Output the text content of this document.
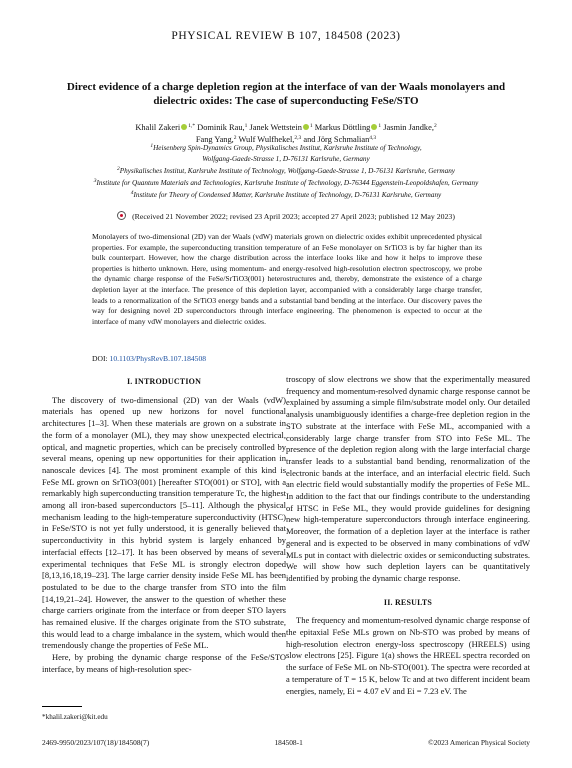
PHYSICAL REVIEW B 107, 184508 (2023)
Direct evidence of a charge depletion region at the interface of van der Waals monolayers and dielectric oxides: The case of superconducting FeSe/STO
Khalil Zakeri $^{1,*}$ Dominik Rau,$^1$ Janek Wettstein $^1$ Markus Döttling $^1$ Jasmin Jandke,$^2$
Fang Yang,$^2$ Wulf Wulfhekel,$^{2,3}$ and Jörg Schmalian$^{4,3}$
$^1$Heisenberg Spin-Dynamics Group, Physikalisches Institut, Karlsruhe Institute of Technology,
Wolfgang-Gaede-Strasse 1, D-76131 Karlsruhe, Germany
$^2$Physikalisches Institut, Karlsruhe Institute of Technology, Wolfgang-Gaede-Strasse 1, D-76131 Karlsruhe, Germany
$^3$Institute for Quantum Materials and Technologies, Karlsruhe Institute of Technology, D-76344 Eggenstein-Leopoldshafen, Germany
$^4$Institute for Theory of Condensed Matter, Karlsruhe Institute of Technology, D-76131 Karlsruhe, Germany
(Received 21 November 2022; revised 23 April 2023; accepted 27 April 2023; published 12 May 2023)
Monolayers of two-dimensional (2D) van der Waals (vdW) materials grown on dielectric oxides exhibit unprecedented physical properties. For example, the superconducting transition temperature of an FeSe monolayer on SrTiO3 is by far higher than its bulk counterpart. However, how the charge distribution across the interface looks like and how it helps to improve these properties is hitherto unknown. Here, using momentum- and energy-resolved high-resolution electron spectroscopy, we probe the dynamic charge response of the FeSe/SrTiO3(001) heterostructures and, thereby, demonstrate the existence of a charge depletion layer at the interface. The presence of this depletion layer, accompanied with a considerably large charge transfer, leads to a renormalization of the SrTiO3 energy bands and a substantial band bending at the interface. Our discovery paves the way for designing novel 2D superconductors through interface engineering. The phenomenon is expected to occur at the interface of many vdW monolayers and dielectric oxides.
DOI: 10.1103/PhysRevB.107.184508
I. INTRODUCTION

The discovery of two-dimensional (2D) van der Waals (vdW) materials has opened up new horizons for novel functional architectures [1–3]. When these materials are grown on a substrate in the form of a monolayer (ML), they may show unexpected electrical, optical, and magnetic properties, which can be precisely controlled by several means, opening up new opportunities for their application in nanoscale devices [4]. The most prominent example of this kind is FeSe ML grown on SrTiO3(001) [hereafter STO(001) or STO], with a remarkably high superconducting transition temperature Tc, the highest among all iron-based superconductors [5–11]. Although the physical mechanism leading to the high-temperature superconductivity (HTSC) in FeSe/STO is not yet fully understood, it is generally believed that superconductivity in this hybrid system is largely enhanced by interfacial effects [12–17]. It has been observed by means of several experimental techniques that FeSe ML is strongly electron doped [8,13,16,18,19–23]. The large carrier density inside FeSe ML has been postulated to be due to the charge transfer from STO into the film [14,19,21–24]. However, the answer to the question of whether these charge carriers originate from the interface or from deeper STO layers has remained elusive. If the charges originate from the STO substrate, this would lead to a charge imbalance in the system, which would then tremendously change the properties of FeSe ML.

Here, by probing the dynamic charge response of the FeSe/STO interface, by means of high-resolution spec-

troscopy of slow electrons we show that the experimentally measured frequency and momentum-resolved dynamic charge response cannot be explained by assuming a simple film/substrate model only. Our detailed analysis unambiguously identifies a charge-free depletion region in the STO substrate at the interface with FeSe ML, accompanied with a considerably large charge transfer from STO into FeSe ML. The presence of the depletion region along with the large interfacial charge transfer leads to a substantial band bending, renormalization of the electronic bands at the interface, and an interfacial electric field. Such an electric field would substantially modify the properties of FeSe ML. In addition to the fact that our findings contribute to the understanding of HTSC in FeSe ML, they would provide guidelines for designing new high-temperature superconductors through interface engineering. Moreover, the formation of a depletion layer at the interface is rather general and is expected to be observed in many combinations of vdW MLs put in contact with dielectric oxides or semiconducting substrates. We will show how such depletion layers can be quantitatively identified by probing the dynamic charge response.

II. RESULTS

The frequency and momentum-resolved dynamic charge response of the epitaxial FeSe MLs grown on Nb-STO was probed by means of high-resolution electron energy-loss spectroscopy (HREELS) using slow electrons [25]. Figure 1(a) shows the HREEL spectra recorded on the surface of FeSe ML on Nb-STO(001). The spectra were recorded at a temperature of T = 15 K, below Tc and at two different incident beam energies, namely, Ei = 4.07 eV and Ei = 7.23 eV. The

*khalil.zakeri@kit.edu
2469-9950/2023/107(18)/184508(7)	184508-1	©2023 American Physical Society
